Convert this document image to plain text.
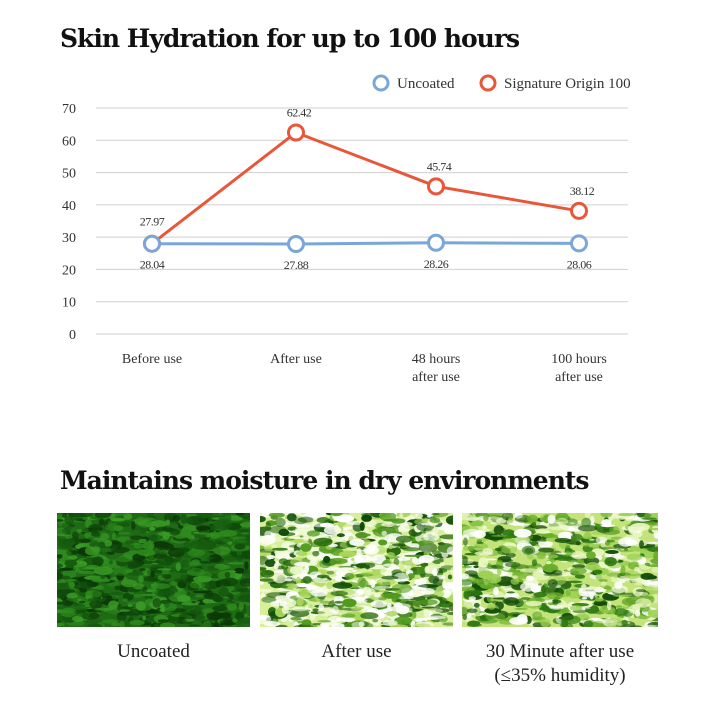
Skin Hydration for up to 100 hours
0
10
20
30
40
50
60
70
Before use	After use	48 hours
after use
100 hours
after use
28.04	27.88	28.26	28.06
27.97
62.42
45.74
38.12
Uncoated	Signature Origin 100
Maintains moisture in dry environments
Uncoated	After use	30 Minute after use
(≤35% humidity)
